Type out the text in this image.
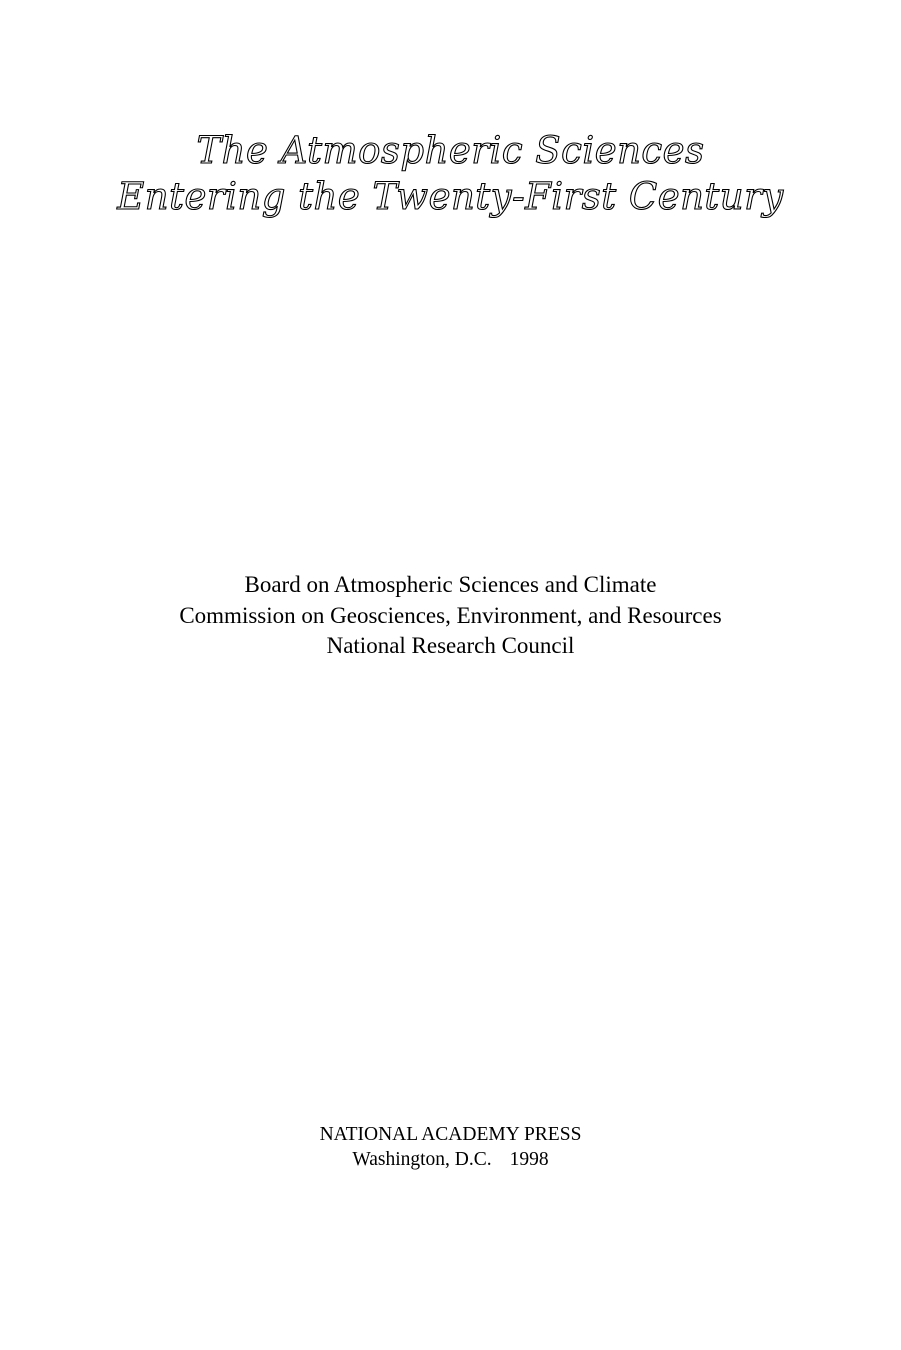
The Atmospheric Sciences
Entering the Twenty-First Century
Board on Atmospheric Sciences and Climate
Commission on Geosciences, Environment, and Resources
National Research Council
NATIONAL ACADEMY PRESS
Washington, D.C. 1998
